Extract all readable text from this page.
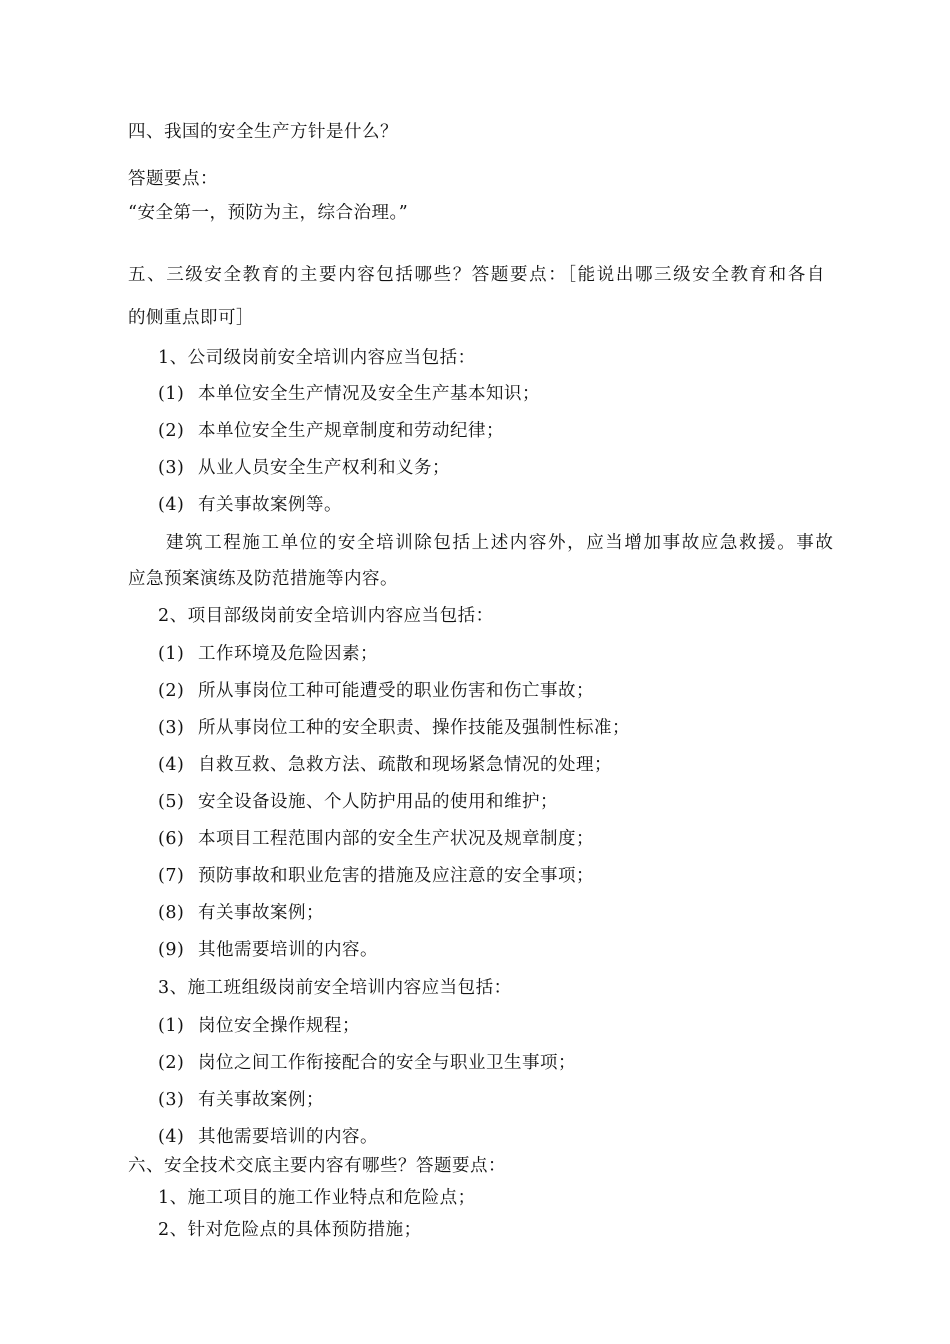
四、我国的安全生产方针是什么？
答题要点：
“安全第一，预防为主，综合治理。”
五、三级安全教育的主要内容包括哪些？答题要点：［能说出哪三级安全教育和各自
的侧重点即可］
1、公司级岗前安全培训内容应当包括：
(1) 本单位安全生产情况及安全生产基本知识；
(2) 本单位安全生产规章制度和劳动纪律；
(3) 从业人员安全生产权利和义务；
(4) 有关事故案例等。
建筑工程施工单位的安全培训除包括上述内容外，应当增加事故应急救援。事故
应急预案演练及防范措施等内容。
2、项目部级岗前安全培训内容应当包括：
(1) 工作环境及危险因素；
(2) 所从事岗位工种可能遭受的职业伤害和伤亡事故；
(3) 所从事岗位工种的安全职责、操作技能及强制性标准；
(4) 自救互救、急救方法、疏散和现场紧急情况的处理；
(5) 安全设备设施、个人防护用品的使用和维护；
(6) 本项目工程范围内部的安全生产状况及规章制度；
(7) 预防事故和职业危害的措施及应注意的安全事项；
(8) 有关事故案例；
(9) 其他需要培训的内容。
3、施工班组级岗前安全培训内容应当包括：
(1) 岗位安全操作规程；
(2) 岗位之间工作衔接配合的安全与职业卫生事项；
(3) 有关事故案例；
(4) 其他需要培训的内容。
六、安全技术交底主要内容有哪些？答题要点：
1、施工项目的施工作业特点和危险点；
2、针对危险点的具体预防措施；
